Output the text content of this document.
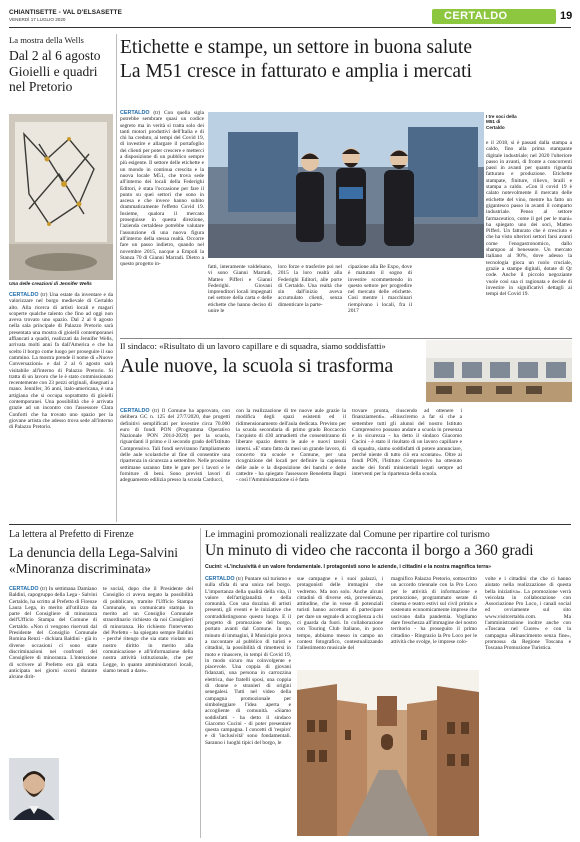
CHIANTISETTE - VAL D'ELSASETTE
VENERDÌ 17 LUGLIO 2020	CERTALDO	19
La mostra della Wells
Dal 2 al 6 agosto Gioielli e quadri nel Pretorio
Una delle creazioni di Jennifer Wells
CERTALDO (tr) Una estate da inventare e da valorizzare nel borgo medievale di Certaldo alto. Alla ricerca di artisti locali e magari scoperte qualche talento che fino ad oggi non aveva trovato uno spazio. Dal 2 al 6 agosto nella sala principale di Palazzo Pretorio sarà presentata una mostra di gioielli contemporanei affiancati a quadri, realizzati da Jennifer Wells, arrivata molti anni fa dall'America e che ha scelto il borgo come luogo per proseguire il suo cammino. La mostra prende il nome di «Nuove Conversazioni» e dal 2 al 6 agosto sarà visitabile all'interno di Palazzo Pretorio. Si tratta di un lavoro che le è stato commissionato recentemente con 23 pezzi originali, disegnati a mano. Jennifer, 36 anni, italo-americana, è una artigiana che si occupa soprattutto di gioielli contemporanei. Una possibilità che è arrivata grazie ad un incontro con l'assessore Clara Conforti che ha trovato uno spazio per la giovane artista che adesso trova sede all'interno di Palazzo Pretorio.
Etichette e stampe, un settore in buona salute
La M51 cresce in fatturato e amplia i mercati
CERTALDO (tr) Con quella sigla potrebbe sembrare quasi un codice segreto ma in verità si tratta solo dei tanti motori produttivi dell'Italia e di chi ha creduto, ai tempi del Covid 19, di investire e allargare il portafoglio dei clienti per poter crescere e metterci a disposizione di un pubblico sempre più esigente. Il settore delle etichette e un mondo in continua crescita e la nuova locale M51, che trova sede all'interno dei locali della Federighi Editori, è stata l'occasione per fare il punto su quei settori che sono in ascesa e che invece hanno subito drammaticamente l'effetto Covid 19. Insieme, qualora il mercato proseguisse in questa direzione, l'azienda certaldese potrebbe valutare l'assunzione di una nuova figura all'interno della stessa realtà. Occorre fare un passo indietro, quando nel novembre 2015, nacque a Empoli la Stanza 70 di Gianni Marradi. Dietro a questo progetto in-
I tre soci della M51 di Certaldo
fatti, interamente valdelsano, vi sono Gianni Marradi, Matteo Pifferi e Gianni Federighi. Giovani imprenditori locali impegnati nel settore della carta e delle etichette che hanno deciso di unire le
loro forze e trasferire poi nel 2015 la loro realtà alla Federighi Editori, alle porte di Certaldo. Una realtà che sin dall'inizio aveva accumulato clienti, senza dimenticare la parte-
cipazione alla Be Expo, dove è maturato il sogno di investire scommettendo in questo settore per progredire nel mercato delle etichette. Così mentre i macchinari riempivano i locali, fra il 2017
e il 2018, si è passati dalla stampa a caldo, fino alla prima stampante digitale industriale; nel 2020 l'ulteriore passo in avanti, di fronte a concorrenti passi in avanti per quanto riguarda fatturato e produzione. Etichette stampate, finiture, rilievo, braili e stampa a caldo. «Con il covid 19 è calato notevolmente il mercato delle etichette del vino, mentre ha fatto un gigantesco passo in avanti il comparto industriale. Penso al settore farmaceutico, come il gel per le mani» ha spiegato uno dei soci, Matteo Pifferi. Un fatturato che è cresciuto e che ha visto ulteriori settori farsi avanti come l'enogastronomico, dallo shampoo al benessere. Un mercato italiano al 90%, dove adesso la tecnologia gioca un ruolo cruciale, grazie a stampe digitali, dotate di Qr code. Anche il piccolo negoziante vuole così sua ci ragionata e decide di investire in significativi dettagli ai tempi del Covid 19.
Il sindaco: «Risultato di un lavoro capillare e di squadra, siamo soddisfatti»
Aule nuove, la scuola si trasforma
CERTALDO (tr) Il Comune ha approvato, con delibera GC n. 125 del 27/7/2020, due progetti definitivi semplificati per investire circa 70.000 euro di fondi PON (Programma Operativo Nazionale PON 2014-2020) per la scuola, riguardanti il primo e il secondo grado dell'Istituto Comprensivo. Tali fondi serviranno l'ampliamento delle aule scolastiche al fine di consentire una ripartenza in sicurezza a settembre. Nelle prossime settimane saranno fatte le gare per i lavori e le forniture di beni. Sono previsti lavori di adeguamento edilizia presso la scuola Carducci,
con la realizzazione di tre nuove aule grazie la modifica degli spazi esistenti ed il ridimensionamento dell'aula dedicata. Previsto per la scuola secondaria di primo grado Boccaccio l'acquisto di 430 armadietti che consentiranno di liberare spazio dentro le aule e nuovi tavoli interni. «E' stato fatto da mesi un grande lavoro, di concerto tra scuole e Comune, per una ricognizione del locali per definire la capienza delle aule e la disposizione dei banchi e delle cattedre - ha spiegato l'assessore Benedetta Bagni - così l'Amministrazione si è fatta
trovare pronta, riuscendo ad ottenere i finanziamenti». «Riusciremo a far sì che a settembre tutti gli alunni del nostro Istituto Comprensivo possano andare a scuola in presenza e in sicurezza - ha detto il sindaco Giacomo Cucini - è stato il risultato di un lavoro capillare e di squadra, siamo soddisfatti di potere annunciare, perché niente di tutto ciò era scontato». Oltre ai fondi PON, l'Istituto Comprensivo ha ottenuto anche dei fondi ministeriali legati sempre ad interventi per la ripartenza della scuola.
La lettera al Prefetto di Firenze
La denuncia della Lega-Salvini «Minoranza discriminata»
CERTALDO (tr) In settimana Damiano Baldini, capogruppo della Lega - Salvini Certaldo, ha scritto al Prefetto di Firenze Laura Lega, in merito all'utilizzo da parte del Consigliere di minoranza dell'Ufficio Stampa del Comune di Certaldo. «Non ci vengono riservati dal Presidente del Consiglio Comunale Romina Renzi - dichiara Baldini - già in diverse occasioni ci sono state discriminazioni nei confronti del Consigliere di minoranza. L'intenzione di scrivere al Prefetto era già stata anticipata nei giorni scorsi durante alcune dirit-
te social, dopo che il Presidente del Consiglio ci aveva negato la possibilità di pubblicare, tramite l'Ufficio Stampa Comunale, un comunicato stampa in merito ad un Consiglio Comunale straordinario richiesto da noi Consiglieri di minoranza. Ho richiesto l'intervento del Prefetto - ha spiegato sempre Baldini - perché ritengo che sia stato violato un nostro diritto in merito alla comunicazione e all'informazione della nostra attività istituzionale, che per Legge, in quanto amministratori locali, siamo tenuti a dare».
Le immagini promozionali realizzate dal Comune per ripartire col turismo
Un minuto di video che racconta il borgo a 360 gradi
Cucini: «L'inclusività è un valore fondamentale. I protagonisti sono le aziende, i cittadini e la nostra magnifica terra»
CERTALDO (tr) Puntare sul turismo e sulla sfida di una unica nel borgo. L'importanza della qualità della vita, il valore dell'artigianalità e della comunità. Con una dozzina di artisti presenti, gli eventi e le iniziative che contraddistinguono questo luogo. E il progetto di promozione del borgo, portato avanti dal Comune. In un minuto di immagini, il Municipio prova a raccontare al pubblico di turisti e cittadini, la possibilità di rimettersi in moto e rinascere, in tempi di Covid 19, in modo sicuro ma coinvolgente e piacevole. Una coppia di giovani fidanzati, una persona in carrozzina elettrica, due fratelli sposi, una coppia di donne e stranieri di origini senegalesi. Tutti nel video della campagna promozionale per simboleggiare l'idea aperta e accogliente di comunità. «Siamo soddisfatti - ha detto il sindaco Giacomo Cucini - di poter presentare questa campagna. I concetti di 'respiro' e di 'inclusività' sono fondamentali. Saranno i luoghi tipici del borgo, le
sue campagne e i suoi palazzi, i protagonisti delle immagini che vedremo. Ma non solo. Anche alcuni cittadini di diverse età, provenienza, attitudine, che in vesse di potenziali turisti hanno accettato di partecipare per dare un segnale di accoglienza a chi ci guarda da fuori. In collaborazione con Touring Club Italiano, in poco tempo, abbiamo messo in campo un contest fotografico, contestualizzando l'allestimento musicale del
magnifico Palazzo Pretorio, sottoscritto un accordo triennale con la Pro Loco per le attività di informazione e promozione, programmato serate di cinema e teatro estivi sul civil primis e sostenuto economicamente imprese che uscivano dalla pandemia. Vogliamo dare freschezza all'immagine del nostro territorio - ha proseguito il primo cittadino - Ringrazio la Pro Loco per le attività che svolge, le imprese colo-
volte e i cittadini che che ci hanno aiutato nella realizzazione di questa bella iniziativa». La promozione verrà veicolata in collaborazione con Associazione Pro Loco, i canali social ed ovviamente sul sito www.visitcertaldo.com. Ma l'amministrazione inoltre anche con «Toscana nel Cuore» e con la campagna «Rinascimento senza fine», promossa da Regione Toscana e Toscana Promozione Turistica.
